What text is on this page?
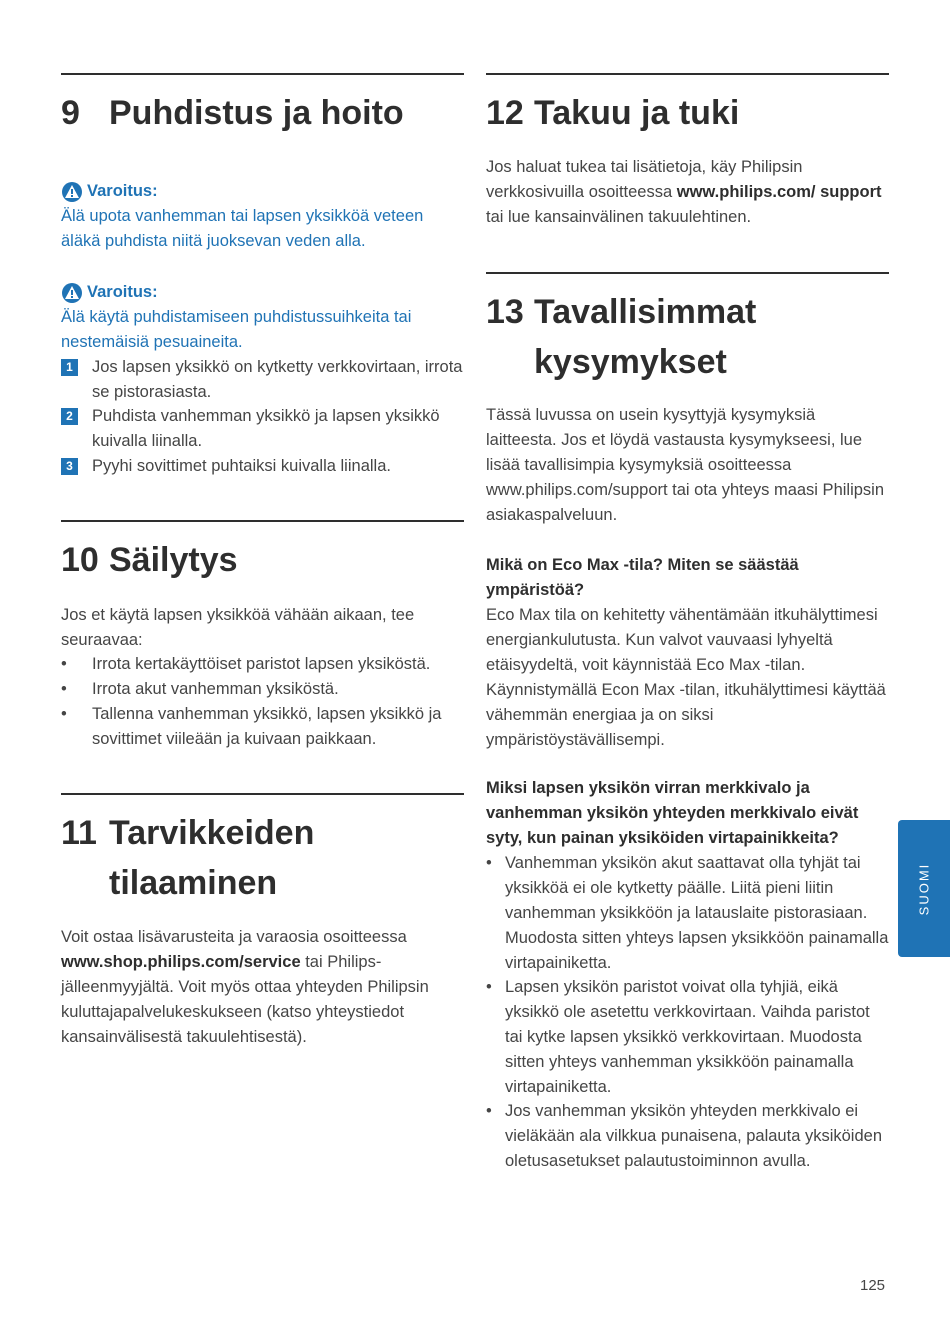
9 Puhdistus ja hoito
Varoitus:
Älä upota vanhemman tai lapsen yksikköä veteen äläkä puhdista niitä juoksevan veden alla.
Varoitus:
Älä käytä puhdistamiseen puhdistussuihkeita tai nestemäisiä pesuaineita.
1	Jos lapsen yksikkö on kytketty verkkovirtaan, irrota se pistorasiasta.
2	Puhdista vanhemman yksikkö ja lapsen yksikkö kuivalla liinalla.
3	Pyyhi sovittimet puhtaiksi kuivalla liinalla.
10 Säilytys

Jos et käytä lapsen yksikköä vähään aikaan, tee seuraavaa:

•	Irrota kertakäyttöiset paristot lapsen yksiköstä.
•	Irrota akut vanhemman yksiköstä.
•	Tallenna vanhemman yksikkö, lapsen yksikkö ja sovittimet viileään ja kuivaan paikkaan.
11 Tarvikkeiden
tilaaminen

Voit ostaa lisävarusteita ja varaosia osoitteessa www.shop.philips.com/service tai Philips-jälleenmyyjältä. Voit myös ottaa yhteyden Philipsin kuluttajapalvelukeskukseen (katso yhteystiedot kansainvälisestä takuulehtisestä).

12 Takuu ja tuki

Jos haluat tukea tai lisätietoja, käy Philipsin verkkosivuilla osoitteessa www.philips.com/ support tai lue kansainvälinen takuulehtinen.

13 Tavallisimmat
kysymykset

Tässä luvussa on usein kysyttyjä kysymyksiä laitteesta. Jos et löydä vastausta kysymykseesi, lue lisää tavallisimpia kysymyksiä osoitteessa www.philips.com/support tai ota yhteys maasi Philipsin asiakaspalveluun.

Mikä on Eco Max -tila? Miten se säästää ympäristöä?

Eco Max tila on kehitetty vähentämään itkuhälyttimesi energiankulutusta. Kun valvot vauvaasi lyhyeltä etäisyydeltä, voit käynnistää Eco Max -tilan. Käynnistymällä Econ Max -tilan, itkuhälyttimesi käyttää vähemmän energiaa ja on siksi ympäristöystävällisempi.

Miksi lapsen yksikön virran merkkivalo ja vanhemman yksikön yhteyden merkkivalo eivät syty, kun painan yksiköiden virtapainikkeita?
• Vanhemman yksikön akut saattavat olla tyhjät tai yksikköä ei ole kytketty päälle. Liitä pieni liitin vanhemman yksikköön ja latauslaite pistorasiaan. Muodosta sitten yhteys lapsen yksikköön painamalla virtapainiketta.
• Lapsen yksikön paristot voivat olla tyhjiä, eikä yksikkö ole asetettu verkkovirtaan. Vaihda paristot tai kytke lapsen yksikkö verkkovirtaan. Muodosta sitten yhteys vanhemman yksikköön painamalla virtapainiketta.
• Jos vanhemman yksikön yhteyden merkkivalo ei vieläkään ala vilkkua punaisena, palauta yksiköiden oletusasetukset palautustoiminnon avulla.
SUOMI
125
